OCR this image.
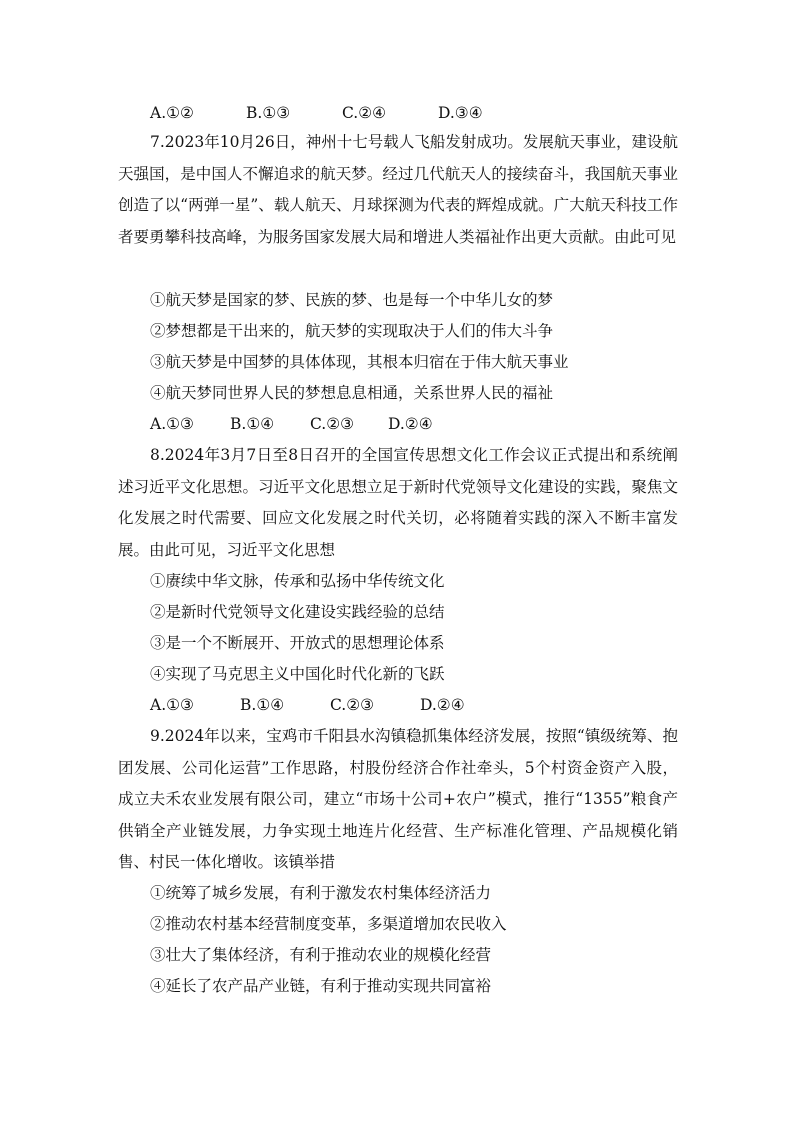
A.①②	B.①③	C.②④	D.③④
7.2023年10月26日，神州十七号载人飞船发射成功。发展航天事业，建设航天强国，是中国人不懈追求的航天梦。经过几代航天人的接续奋斗，我国航天事业创造了以“两弹一星”、载人航天、月球探测为代表的辉煌成就。广大航天科技工作者要勇攀科技高峰，为服务国家发展大局和增进人类福祉作出更大贡献。由此可见
①航天梦是国家的梦、民族的梦、也是每一个中华儿女的梦
②梦想都是干出来的，航天梦的实现取决于人们的伟大斗争
③航天梦是中国梦的具体体现，其根本归宿在于伟大航天事业
④航天梦同世界人民的梦想息息相通，关系世界人民的福祉
A.①③ B.①④ C.②③ D.②④
8.2024年3月7日至8日召开的全国宣传思想文化工作会议正式提出和系统阐述习近平文化思想。习近平文化思想立足于新时代党领导文化建设的实践，聚焦文化发展之时代需要、回应文化发展之时代关切，必将随着实践的深入不断丰富发展。由此可见，习近平文化思想
①赓续中华文脉，传承和弘扬中华传统文化
②是新时代党领导文化建设实践经验的总结
③是一个不断展开、开放式的思想理论体系
④实现了马克思主义中国化时代化新的飞跃
A.①③	B.①④	C.②③	D.②④
9.2024年以来，宝鸡市千阳县水沟镇稳抓集体经济发展，按照“镇级统筹、抱团发展、公司化运营”工作思路，村股份经济合作社牵头，5个村资金资产入股，成立夫禾农业发展有限公司，建立“市场十公司+农户”模式，推行“1355”粮食产供销全产业链发展，力争实现土地连片化经营、生产标准化管理、产品规模化销售、村民一体化增收。该镇举措
①统筹了城乡发展，有利于激发农村集体经济活力
②推动农村基本经营制度变革，多渠道增加农民收入
③壮大了集体经济，有利于推动农业的规模化经营
④延长了农产品产业链，有利于推动实现共同富裕
